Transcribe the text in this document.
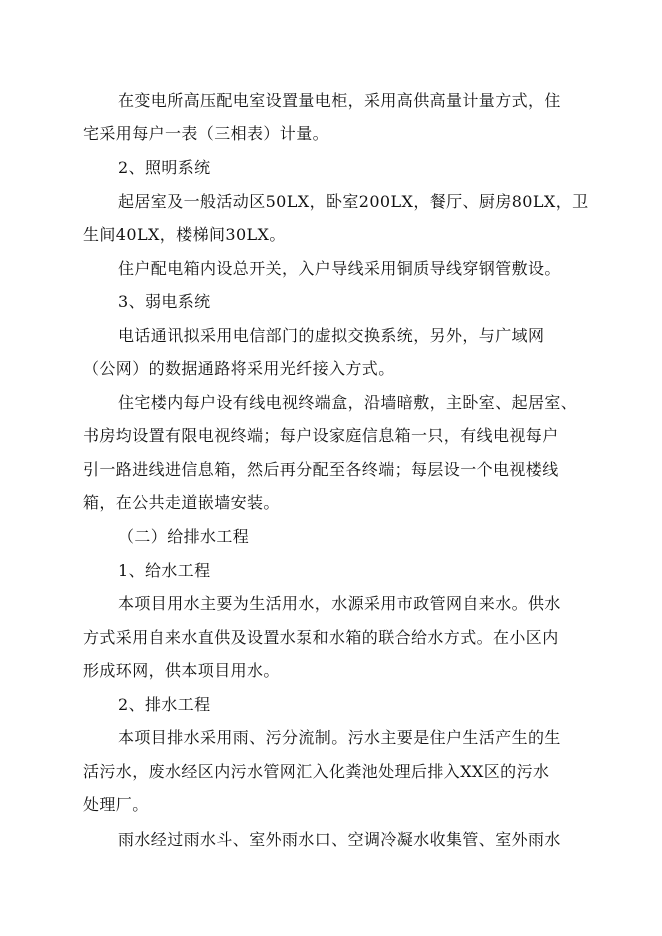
在变电所高压配电室设置量电柜，采用高供高量计量方式，住
宅采用每户一表（三相表）计量。
2、照明系统
起居室及一般活动区50LX，卧室200LX，餐厅、厨房80LX，卫
生间40LX，楼梯间30LX。
住户配电箱内设总开关，入户导线采用铜质导线穿钢管敷设。
3、弱电系统
电话通讯拟采用电信部门的虚拟交换系统，另外，与广域网
（公网）的数据通路将采用光纤接入方式。
住宅楼内每户设有线电视终端盒，沿墙暗敷，主卧室、起居室、
书房均设置有限电视终端；每户设家庭信息箱一只，有线电视每户
引一路进线进信息箱，然后再分配至各终端；每层设一个电视楼线
箱，在公共走道嵌墙安装。
（二）给排水工程
1、给水工程
本项目用水主要为生活用水，水源采用市政管网自来水。供水
方式采用自来水直供及设置水泵和水箱的联合给水方式。在小区内
形成环网，供本项目用水。
2、排水工程
本项目排水采用雨、污分流制。污水主要是住户生活产生的生
活污水，废水经区内污水管网汇入化粪池处理后排入XX区的污水
处理厂。
雨水经过雨水斗、室外雨水口、空调冷凝水收集管、室外雨水
